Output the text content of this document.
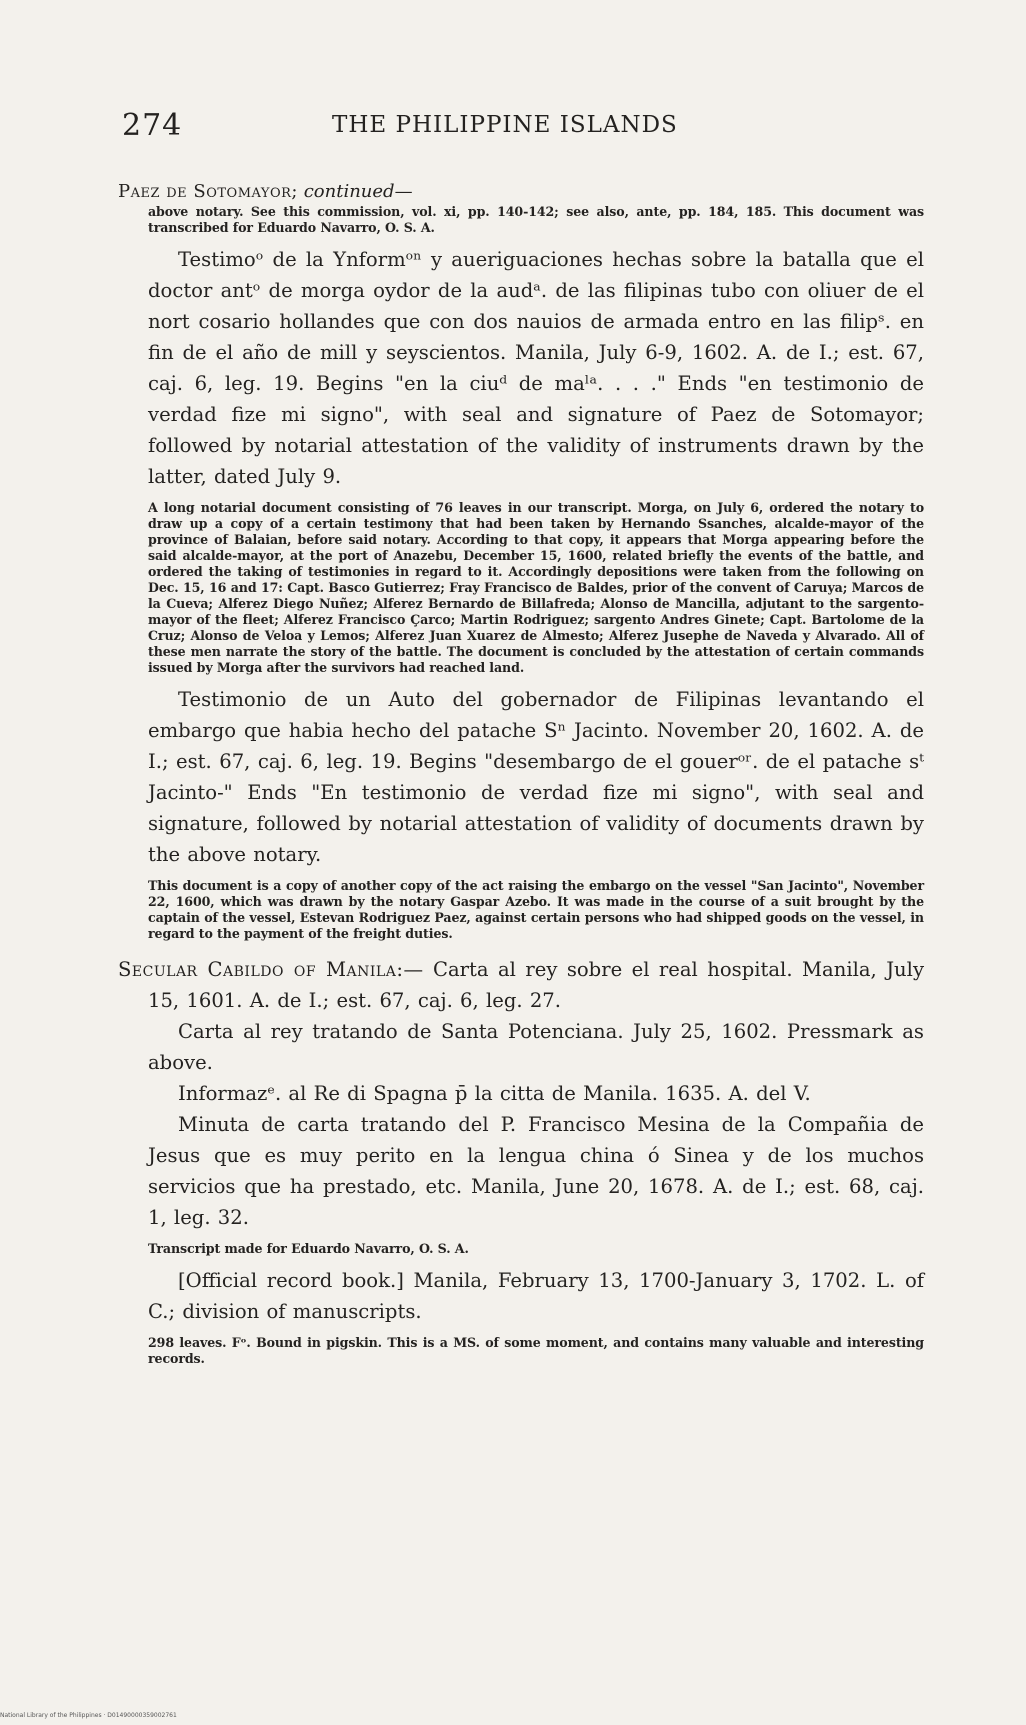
274	THE PHILIPPINE ISLANDS

Paez de Sotomayor; continued—

above notary. See this commission, vol. xi, pp. 140-142; see also, ante, pp. 184, 185. This document was transcribed for Eduardo Navarro, O. S. A.

Testimoᵒ de la Ynformᵒⁿ y aueriguaciones hechas sobre la batalla que el doctor antᵒ de morga oydor de la audᵃ. de las filipinas tubo con oliuer de el nort cosario hollandes que con dos nauios de armada entro en las filipˢ. en fin de el año de mill y seyscientos. Manila, July 6-9, 1602. A. de I.; est. 67, caj. 6, leg. 19. Begins "en la ciuᵈ de maˡᵃ. . . ." Ends "en testimonio de verdad fize mi signo", with seal and signature of Paez de Sotomayor; followed by notarial attestation of the validity of instruments drawn by the latter, dated July 9.

A long notarial document consisting of 76 leaves in our transcript. Morga, on July 6, ordered the notary to draw up a copy of a certain testimony that had been taken by Hernando Ssanches, alcalde-mayor of the province of Balaian, before said notary. According to that copy, it appears that Morga appearing before the said alcalde-mayor, at the port of Anazebu, December 15, 1600, related briefly the events of the battle, and ordered the taking of testimonies in regard to it. Accordingly depositions were taken from the following on Dec. 15, 16 and 17: Capt. Basco Gutierrez; Fray Francisco de Baldes, prior of the convent of Caruya; Marcos de la Cueva; Alferez Diego Nuñez; Alferez Bernardo de Billafreda; Alonso de Mancilla, adjutant to the sargento-mayor of the fleet; Alferez Francisco Çarco; Martin Rodriguez; sargento Andres Ginete; Capt. Bartolome de la Cruz; Alonso de Veloa y Lemos; Alferez Juan Xuarez de Almesto; Alferez Jusephe de Naveda y Alvarado. All of these men narrate the story of the battle. The document is concluded by the attestation of certain commands issued by Morga after the survivors had reached land.

Testimonio de un Auto del gobernador de Filipinas levantando el embargo que habia hecho del patache Sⁿ Jacinto. November 20, 1602. A. de I.; est. 67, caj. 6, leg. 19. Begins "desembargo de el gouerᵒʳ. de el patache sᵗ Jacinto-" Ends "En testimonio de verdad fize mi signo", with seal and signature, followed by notarial attestation of validity of documents drawn by the above notary.

This document is a copy of another copy of the act raising the embargo on the vessel "San Jacinto", November 22, 1600, which was drawn by the notary Gaspar Azebo. It was made in the course of a suit brought by the captain of the vessel, Estevan Rodriguez Paez, against certain persons who had shipped goods on the vessel, in regard to the payment of the freight duties.

Secular Cabildo of Manila:— Carta al rey sobre el real hospital. Manila, July 15, 1601. A. de I.; est. 67, caj. 6, leg. 27.

Carta al rey tratando de Santa Potenciana. July 25, 1602. Pressmark as above.

Informazᵉ. al Re di Spagna p̄ la citta de Manila. 1635. A. del V.

Minuta de carta tratando del P. Francisco Mesina de la Compañia de Jesus que es muy perito en la lengua china ó Sinea y de los muchos servicios que ha prestado, etc. Manila, June 20, 1678. A. de I.; est. 68, caj. 1, leg. 32.

Transcript made for Eduardo Navarro, O. S. A.

[Official record book.] Manila, February 13, 1700-January 3, 1702. L. of C.; division of manuscripts.

298 leaves. Fᵒ. Bound in pigskin. This is a MS. of some moment, and contains many valuable and interesting records.

National Library of the Philippines · D01490000359002761
